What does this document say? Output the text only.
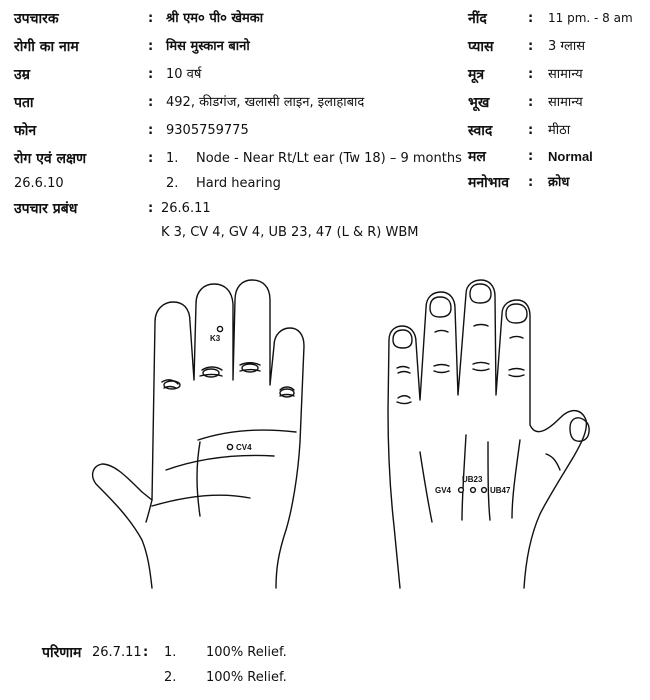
उपचारक	: श्री एम० पी० खेमका
रोगी का नाम	: मिस मुस्कान बानो
उम्र	: 10 वर्ष
पता	: 492, कीडगंज, खलासी लाइन, इलाहाबाद
फोन	: 9305759775
रोग एवं लक्षण	: 1. Node - Near Rt/Lt ear (Tw 18) – 9 months
26.6.10	2. Hard hearing
उपचार प्रबंध	: 26.6.11
K 3, CV 4, GV 4, UB 23, 47 (L & R) WBM
नींद	: 11 pm. - 8 am
प्यास	: 3 ग्लास
मूत्र	: सामान्य
भूख	: सामान्य
स्वाद	: मीठा
मल	: Normal
मनोभाव : क्रोध
K3
CV4
GV4
UB23
UB47
परिणाम 26.7.11 : 1. 100% Relief.
2. 100% Relief.
